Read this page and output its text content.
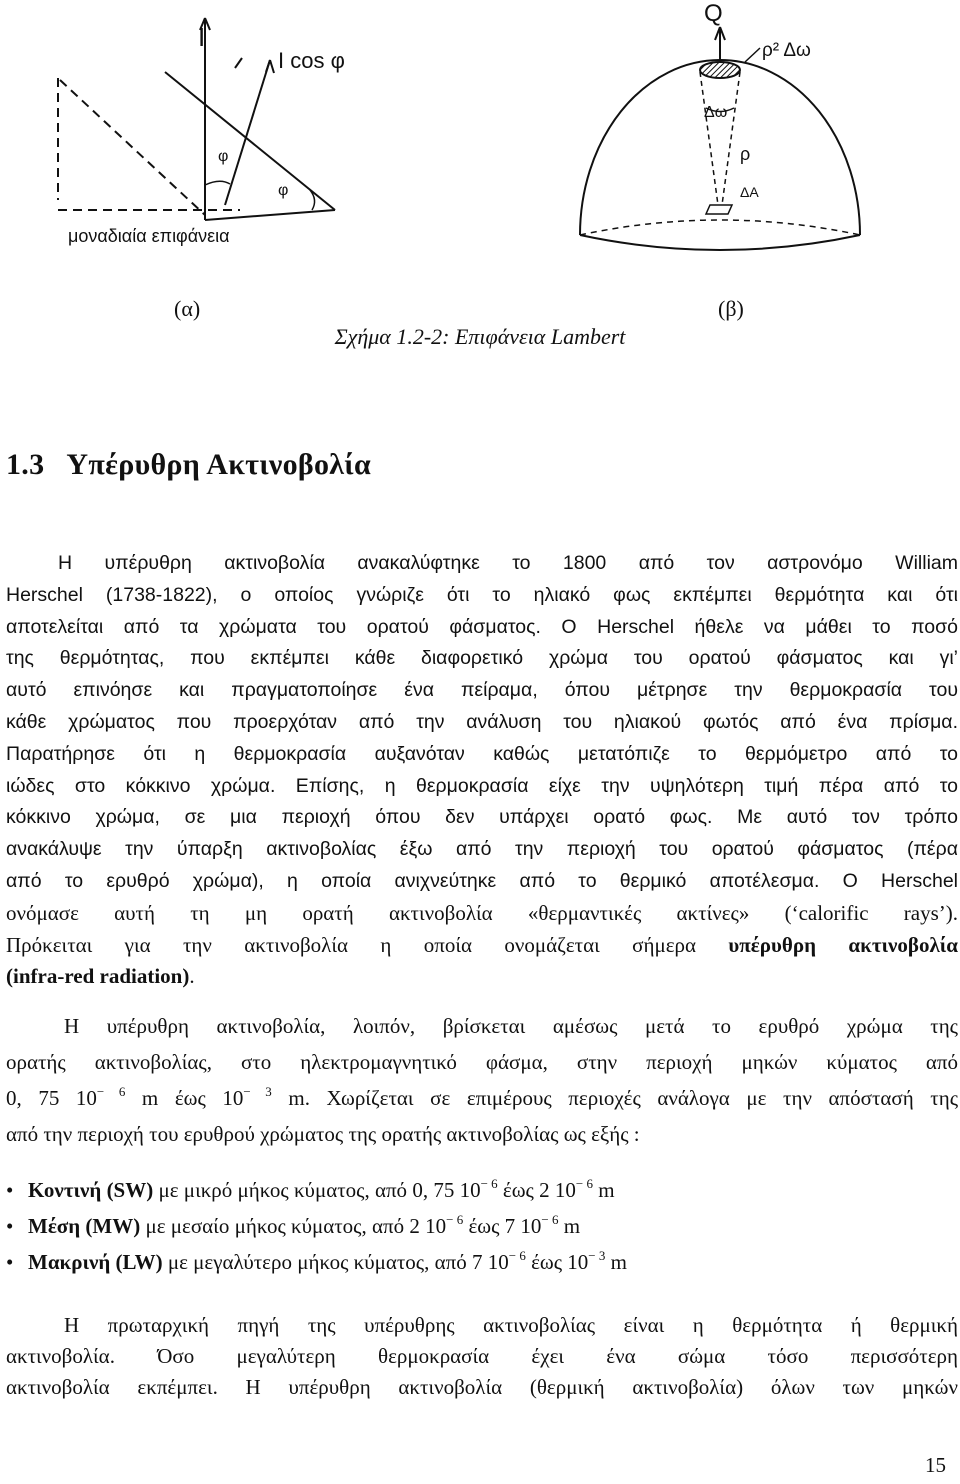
I
I cos φ
φ
φ
μοναδιαία επιφάνεια
Q
ρ² Δω
Δω
ρ
ΔA
(α)	(β)
Σχήμα 1.2-2: Επιφάνεια Lambert
1.3 Υπέρυθρη Ακτινοβολία
Η υπέρυθρη ακτινοβολία ανακαλύφτηκε το 1800 από τον αστρονόμο William
Herschel (1738-1822), ο οποίος γνώριζε ότι το ηλιακό φως εκπέμπει θερμότητα και ότι
αποτελείται από τα χρώματα του ορατού φάσματος. Ο Herschel ήθελε να μάθει το ποσό
της θερμότητας, που εκπέμπει κάθε διαφορετικό χρώμα του ορατού φάσματος και γι’
αυτό επινόησε και πραγματοποίησε ένα πείραμα, όπου μέτρησε την θερμοκρασία του
κάθε χρώματος που προερχόταν από την ανάλυση του ηλιακού φωτός από ένα πρίσμα.
Παρατήρησε ότι η θερμοκρασία αυξανόταν καθώς μετατόπιζε το θερμόμετρο από το
ιώδες στο κόκκινο χρώμα. Επίσης, η θερμοκρασία είχε την υψηλότερη τιμή πέρα από το
κόκκινο χρώμα, σε μια περιοχή όπου δεν υπάρχει ορατό φως. Με αυτό τον τρόπο
ανακάλυψε την ύπαρξη ακτινοβολίας έξω από την περιοχή του ορατού φάσματος (πέρα
από το ερυθρό χρώμα), η οποία ανιχνεύτηκε από το θερμικό αποτέλεσμα. Ο Herschel
ονόμασε αυτή τη μη ορατή ακτινοβολία «θερμαντικές ακτίνες» (‘calorific rays’).
Πρόκειται για την ακτινοβολία η οποία ονομάζεται σήμερα υπέρυθρη ακτινοβολία
(infra-red radiation).
Η υπέρυθρη ακτινοβολία, λοιπόν, βρίσκεται αμέσως μετά το ερυθρό χρώμα της
ορατής ακτινοβολίας, στο ηλεκτρομαγνητικό φάσμα, στην περιοχή μηκών κύματος από
0, 75 $10^{- 6}$ m έως $10^{- 3}$ m. Χωρίζεται σε επιμέρους περιοχές ανάλογα με την απόστασή της
από την περιοχή του ερυθρού χρώματος της ορατής ακτινοβολίας ως εξής :
• Κοντινή (SW) με μικρό μήκος κύματος, από 0, 75 $10^{- 6}$ έως 2 $10^{- 6}$ m
• Μέση (MW) με μεσαίο μήκος κύματος, από 2 $10^{- 6}$ έως 7 $10^{- 6}$ m
• Μακρινή (LW) με μεγαλύτερο μήκος κύματος, από 7 $10^{- 6}$ έως $10^{- 3}$ m
Η πρωταρχική πηγή της υπέρυθρης ακτινοβολίας είναι η θερμότητα ή θερμική
ακτινοβολία. Όσο μεγαλύτερη θερμοκρασία έχει ένα σώμα τόσο περισσότερη
ακτινοβολία εκπέμπει. Η υπέρυθρη ακτινοβολία (θερμική ακτινοβολία) όλων των μηκών
15
